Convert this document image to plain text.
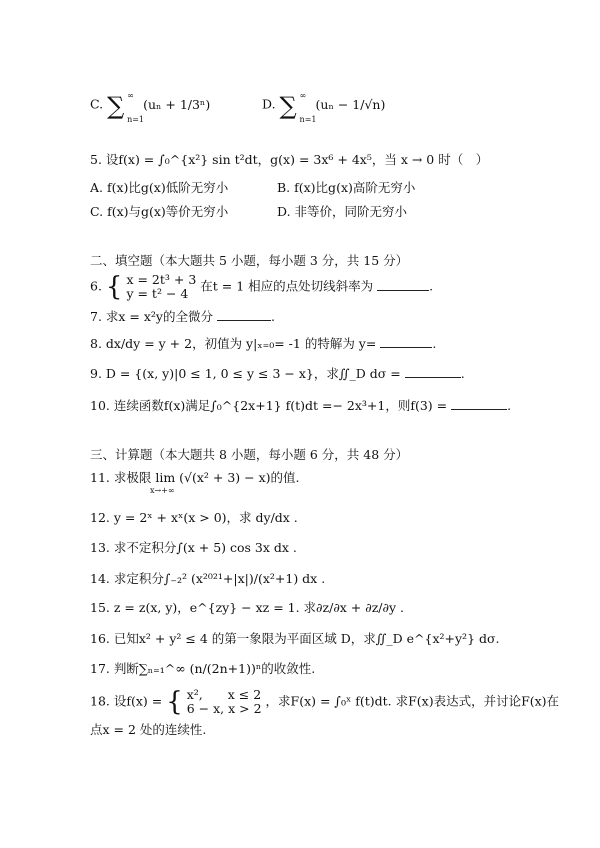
C. ∑ ∞
n=1
(uₙ + 1/3ⁿ)	D. ∑ ∞
n=1
(uₙ − 1/√n)
5. 设f(x) = ∫₀^{x²} sin t²dt，g(x) = 3x⁶ + 4x⁵，当 x → 0 时（　）
A. f(x)比g(x)低阶无穷小	B. f(x)比g(x)高阶无穷小
C. f(x)与g(x)等价无穷小	D. 非等价，同阶无穷小
二、填空题（本大题共 5 小题，每小题 3 分，共 15 分）
6. { x = 2t³ + 3
y = t² − 4 在t = 1 相应的点处切线斜率为	.
7. 求x = x²y的全微分	.
8. dx/dy = y + 2，初值为 y|ₓ₌₀= -1 的特解为 y=	.
9. D = {(x, y)|0 ≤ 1, 0 ≤ y ≤ 3 − x}，求∬_D dσ =	.
10. 连续函数f(x)满足∫₀^{2x+1} f(t)dt =− 2x³+1，则f(3) =	.
三、计算题（本大题共 8 小题，每小题 6 分，共 48 分）
11. 求极限 lim (√(x² + 3) − x)的值.
x→+∞
12. y = 2ˣ + xˣ(x > 0)，求 dy/dx .
13. 求不定积分∫(x + 5) cos 3x dx .
14. 求定积分∫₋₂² (x²⁰²¹+|x|)/(x²+1) dx .
15. z = z(x, y)，e^{zy} − xz = 1. 求∂z/∂x + ∂z/∂y .
16. 已知x² + y² ≤ 4 的第一象限为平面区域 D，求∬_D e^{x²+y²} dσ.
17. 判断∑ₙ₌₁^∞ (n/(2n+1))ⁿ的收敛性.
18. 设f(x) = { x²,　　x ≤ 2
6 − x, x > 2 ，求F(x) = ∫₀ˣ f(t)dt. 求F(x)表达式，并讨论F(x)在
点x = 2 处的连续性.
